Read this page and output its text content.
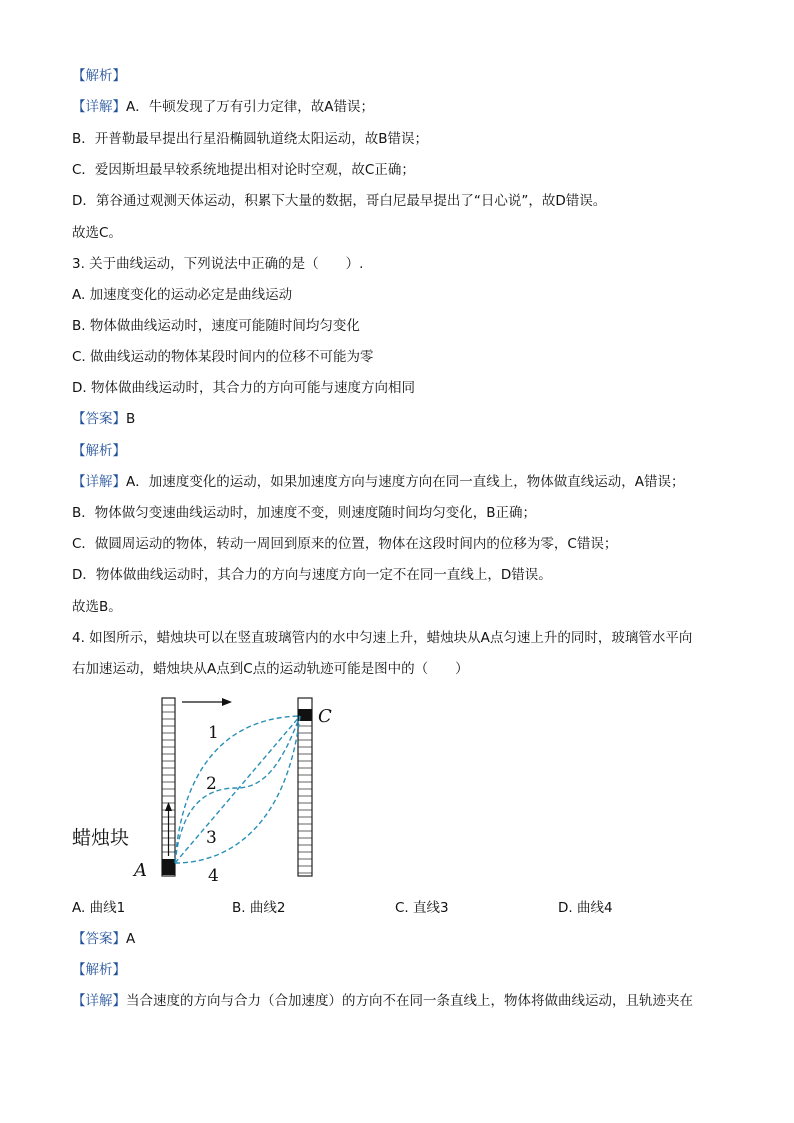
【解析】
【详解】A．牛顿发现了万有引力定律，故A错误；
B．开普勒最早提出行星沿椭圆轨道绕太阳运动，故B错误；
C．爱因斯坦最早较系统地提出相对论时空观，故C正确；
D．第谷通过观测天体运动，积累下大量的数据，哥白尼最早提出了“日心说”，故D错误。
故选C。
3. 关于曲线运动，下列说法中正确的是（　　）.
A. 加速度变化的运动必定是曲线运动
B. 物体做曲线运动时，速度可能随时间均匀变化
C. 做曲线运动的物体某段时间内的位移不可能为零
D. 物体做曲线运动时，其合力的方向可能与速度方向相同
【答案】B
【解析】
【详解】A．加速度变化的运动，如果加速度方向与速度方向在同一直线上，物体做直线运动，A错误；
B．物体做匀变速曲线运动时，加速度不变，则速度随时间均匀变化，B正确；
C．做圆周运动的物体，转动一周回到原来的位置，物体在这段时间内的位移为零，C错误；
D．物体做曲线运动时，其合力的方向与速度方向一定不在同一直线上，D错误。
故选B。
4. 如图所示，蜡烛块可以在竖直玻璃管内的水中匀速上升，蜡烛块从A点匀速上升的同时，玻璃管水平向
右加速运动，蜡烛块从A点到C点的运动轨迹可能是图中的（　　）
1
2
3
4
C
A
蜡烛块
A. 曲线1	B. 曲线2	C. 直线3	D. 曲线4
【答案】A
【解析】
【详解】当合速度的方向与合力（合加速度）的方向不在同一条直线上，物体将做曲线运动，且轨迹夹在
